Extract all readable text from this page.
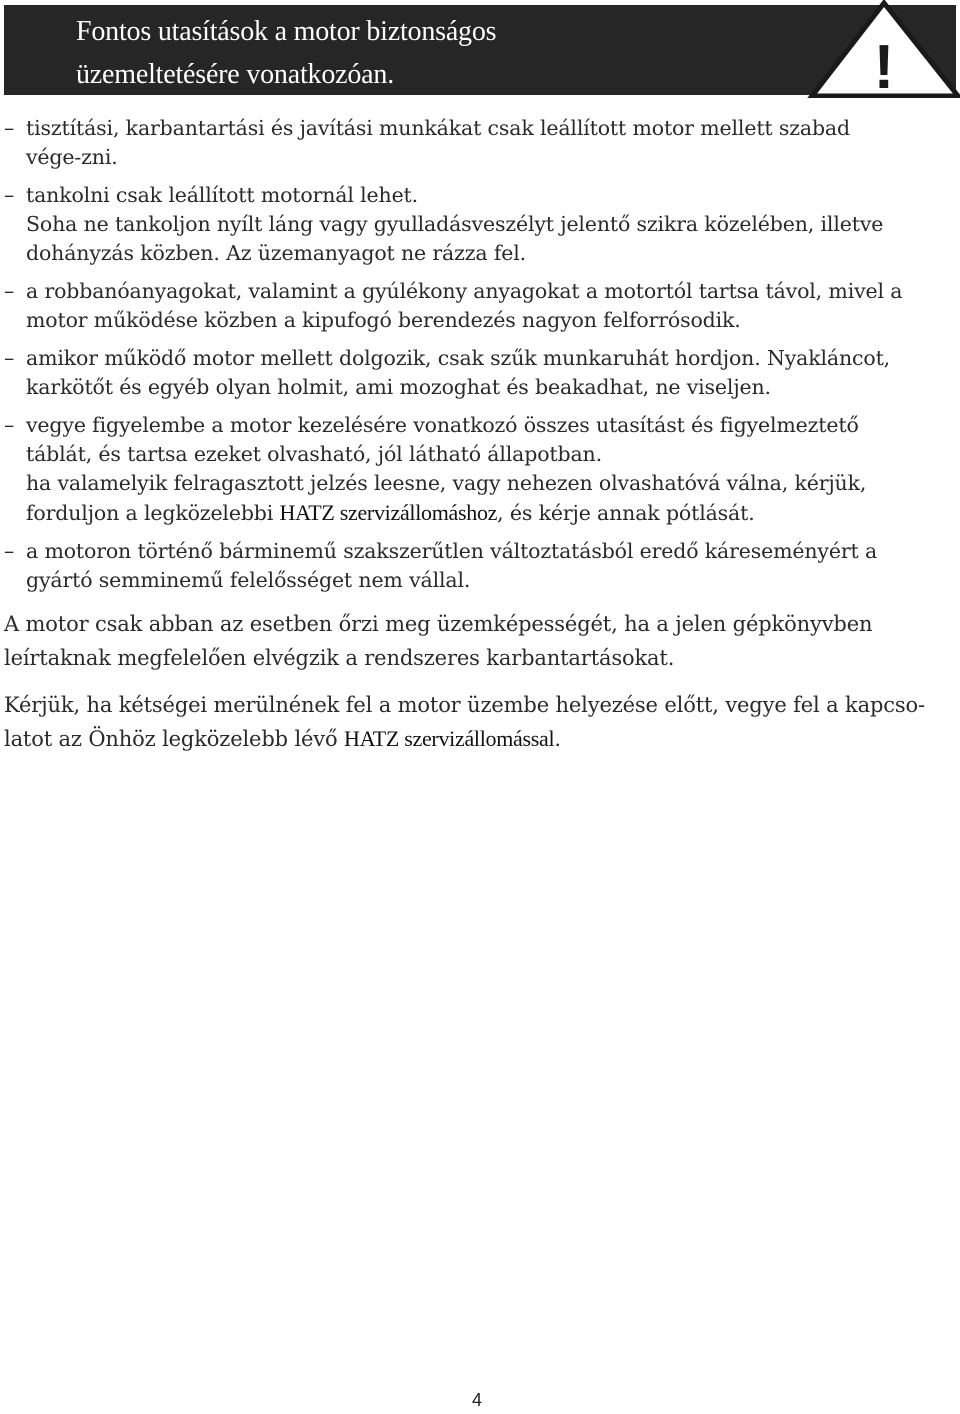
Fontos utasítások a motor biztonságos
üzemeltetésére vonatkozóan.	!
– tisztítási, karbantartási és javítási munkákat csak leállított motor mellett szabad
vége-zni.
– tankolni csak leállított motornál lehet.
Soha ne tankoljon nyílt láng vagy gyulladásveszélyt jelentő szikra közelében, illetve
dohányzás közben. Az üzemanyagot ne rázza fel.
– a robbanóanyagokat, valamint a gyúlékony anyagokat a motortól tartsa távol, mivel a
motor működése közben a kipufogó berendezés nagyon felforrósodik.
– amikor működő motor mellett dolgozik, csak szűk munkaruhát hordjon. Nyakláncot,
karkötőt és egyéb olyan holmit, ami mozoghat és beakadhat, ne viseljen.
– vegye figyelembe a motor kezelésére vonatkozó összes utasítást és figyelmeztető
táblát, és tartsa ezeket olvasható, jól látható állapotban.
ha valamelyik felragasztott jelzés leesne, vagy nehezen olvashatóvá válna, kérjük,
forduljon a legközelebbi HATZ szervizállomáshoz, és kérje annak pótlását.
– a motoron történő bárminemű szakszerűtlen változtatásból eredő káreseményért a
gyártó semminemű felelősséget nem vállal.

A motor csak abban az esetben őrzi meg üzemképességét, ha a jelen gépkönyvben
leírtaknak megfelelően elvégzik a rendszeres karbantartásokat.

Kérjük, ha kétségei merülnének fel a motor üzembe helyezése előtt, vegye fel a kapcso-
latot az Önhöz legközelebb lévő HATZ szervizállomással.

4
